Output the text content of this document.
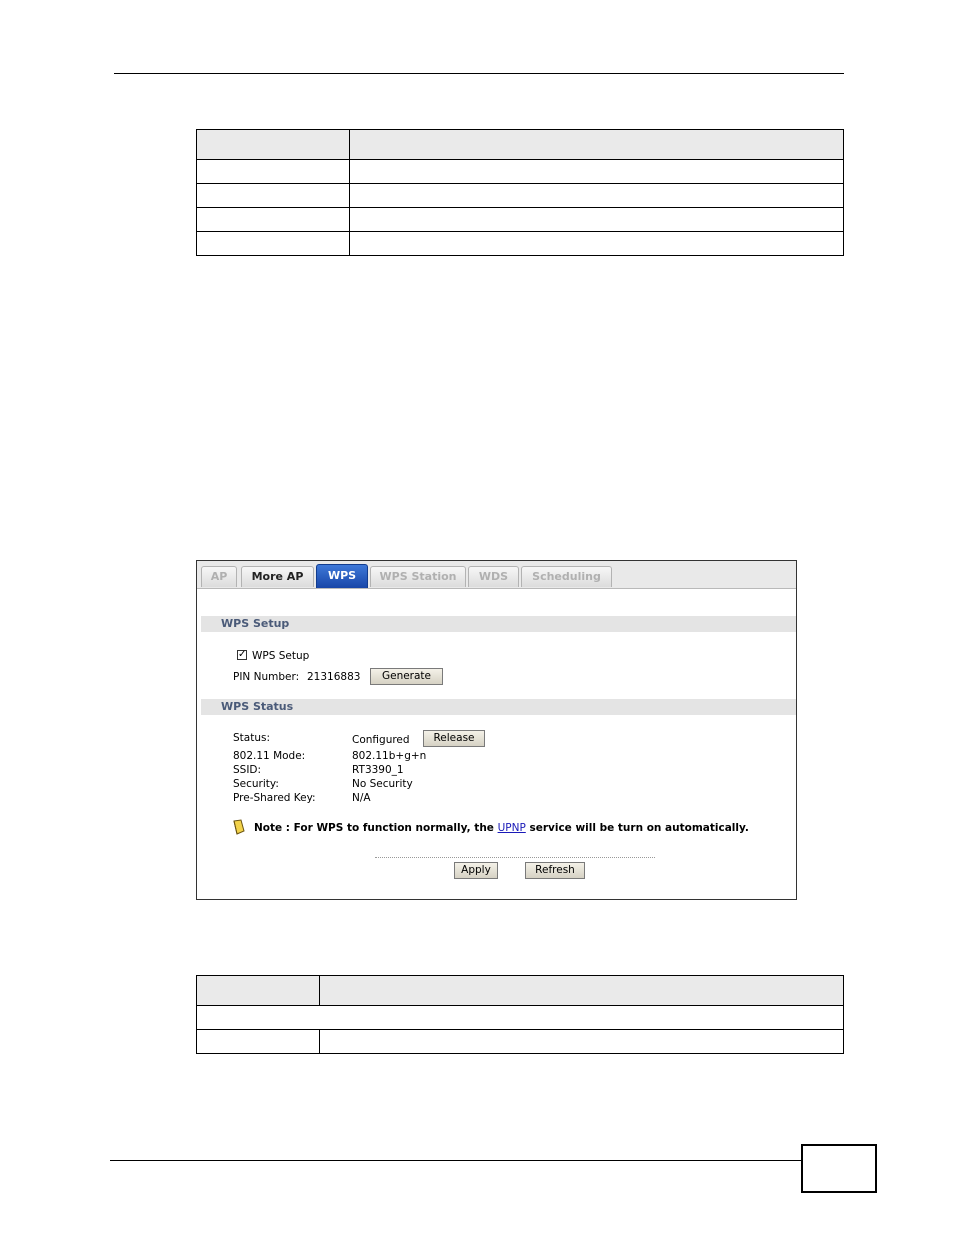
AP	More AP	WPS	WPS Station	WDS	Scheduling
WPS Setup
✓ WPS Setup
PIN Number: 21316883	Generate
WPS Status
Status:	Configured	Release
802.11 Mode:	802.11b+g+n
SSID:	RT3390_1
Security:	No Security
Pre-Shared Key:	N/A
Note : For WPS to function normally, the UPNP service will be turn on automatically.
Apply	Refresh
